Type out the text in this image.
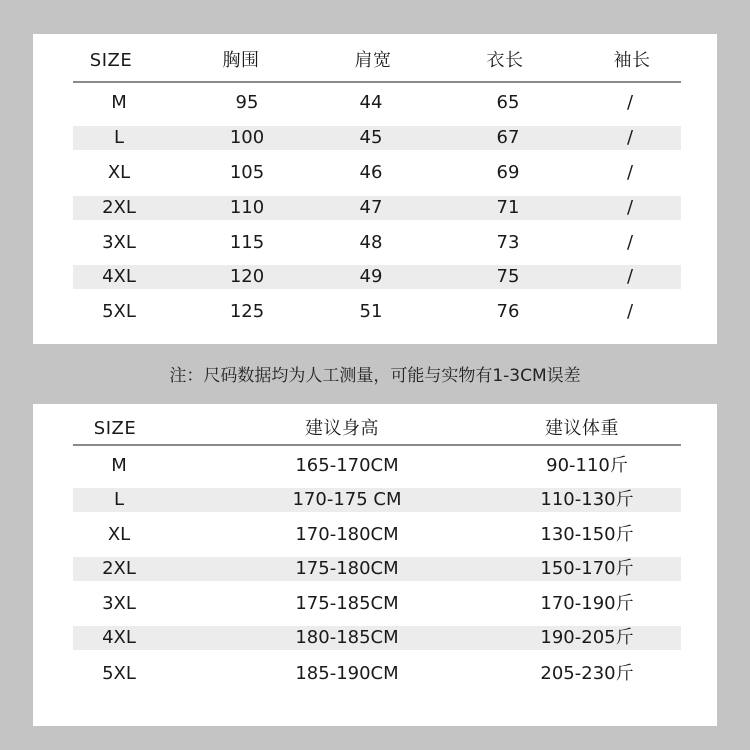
SIZE	胸围	肩宽	衣长	袖长
M	95	44	65	/
L	100	45	67	/
XL	105	46	69	/
2XL	110	47	71	/
3XL	115	48	73	/
4XL	120	49	75	/
5XL	125	51	76	/
注：尺码数据均为人工测量，可能与实物有1-3CM误差
SIZE	建议身高	建议体重
M	165-170CM	90-110斤
L	170-175 CM	110-130斤
XL	170-180CM	130-150斤
2XL	175-180CM	150-170斤
3XL	175-185CM	170-190斤
4XL	180-185CM	190-205斤
5XL	185-190CM	205-230斤
